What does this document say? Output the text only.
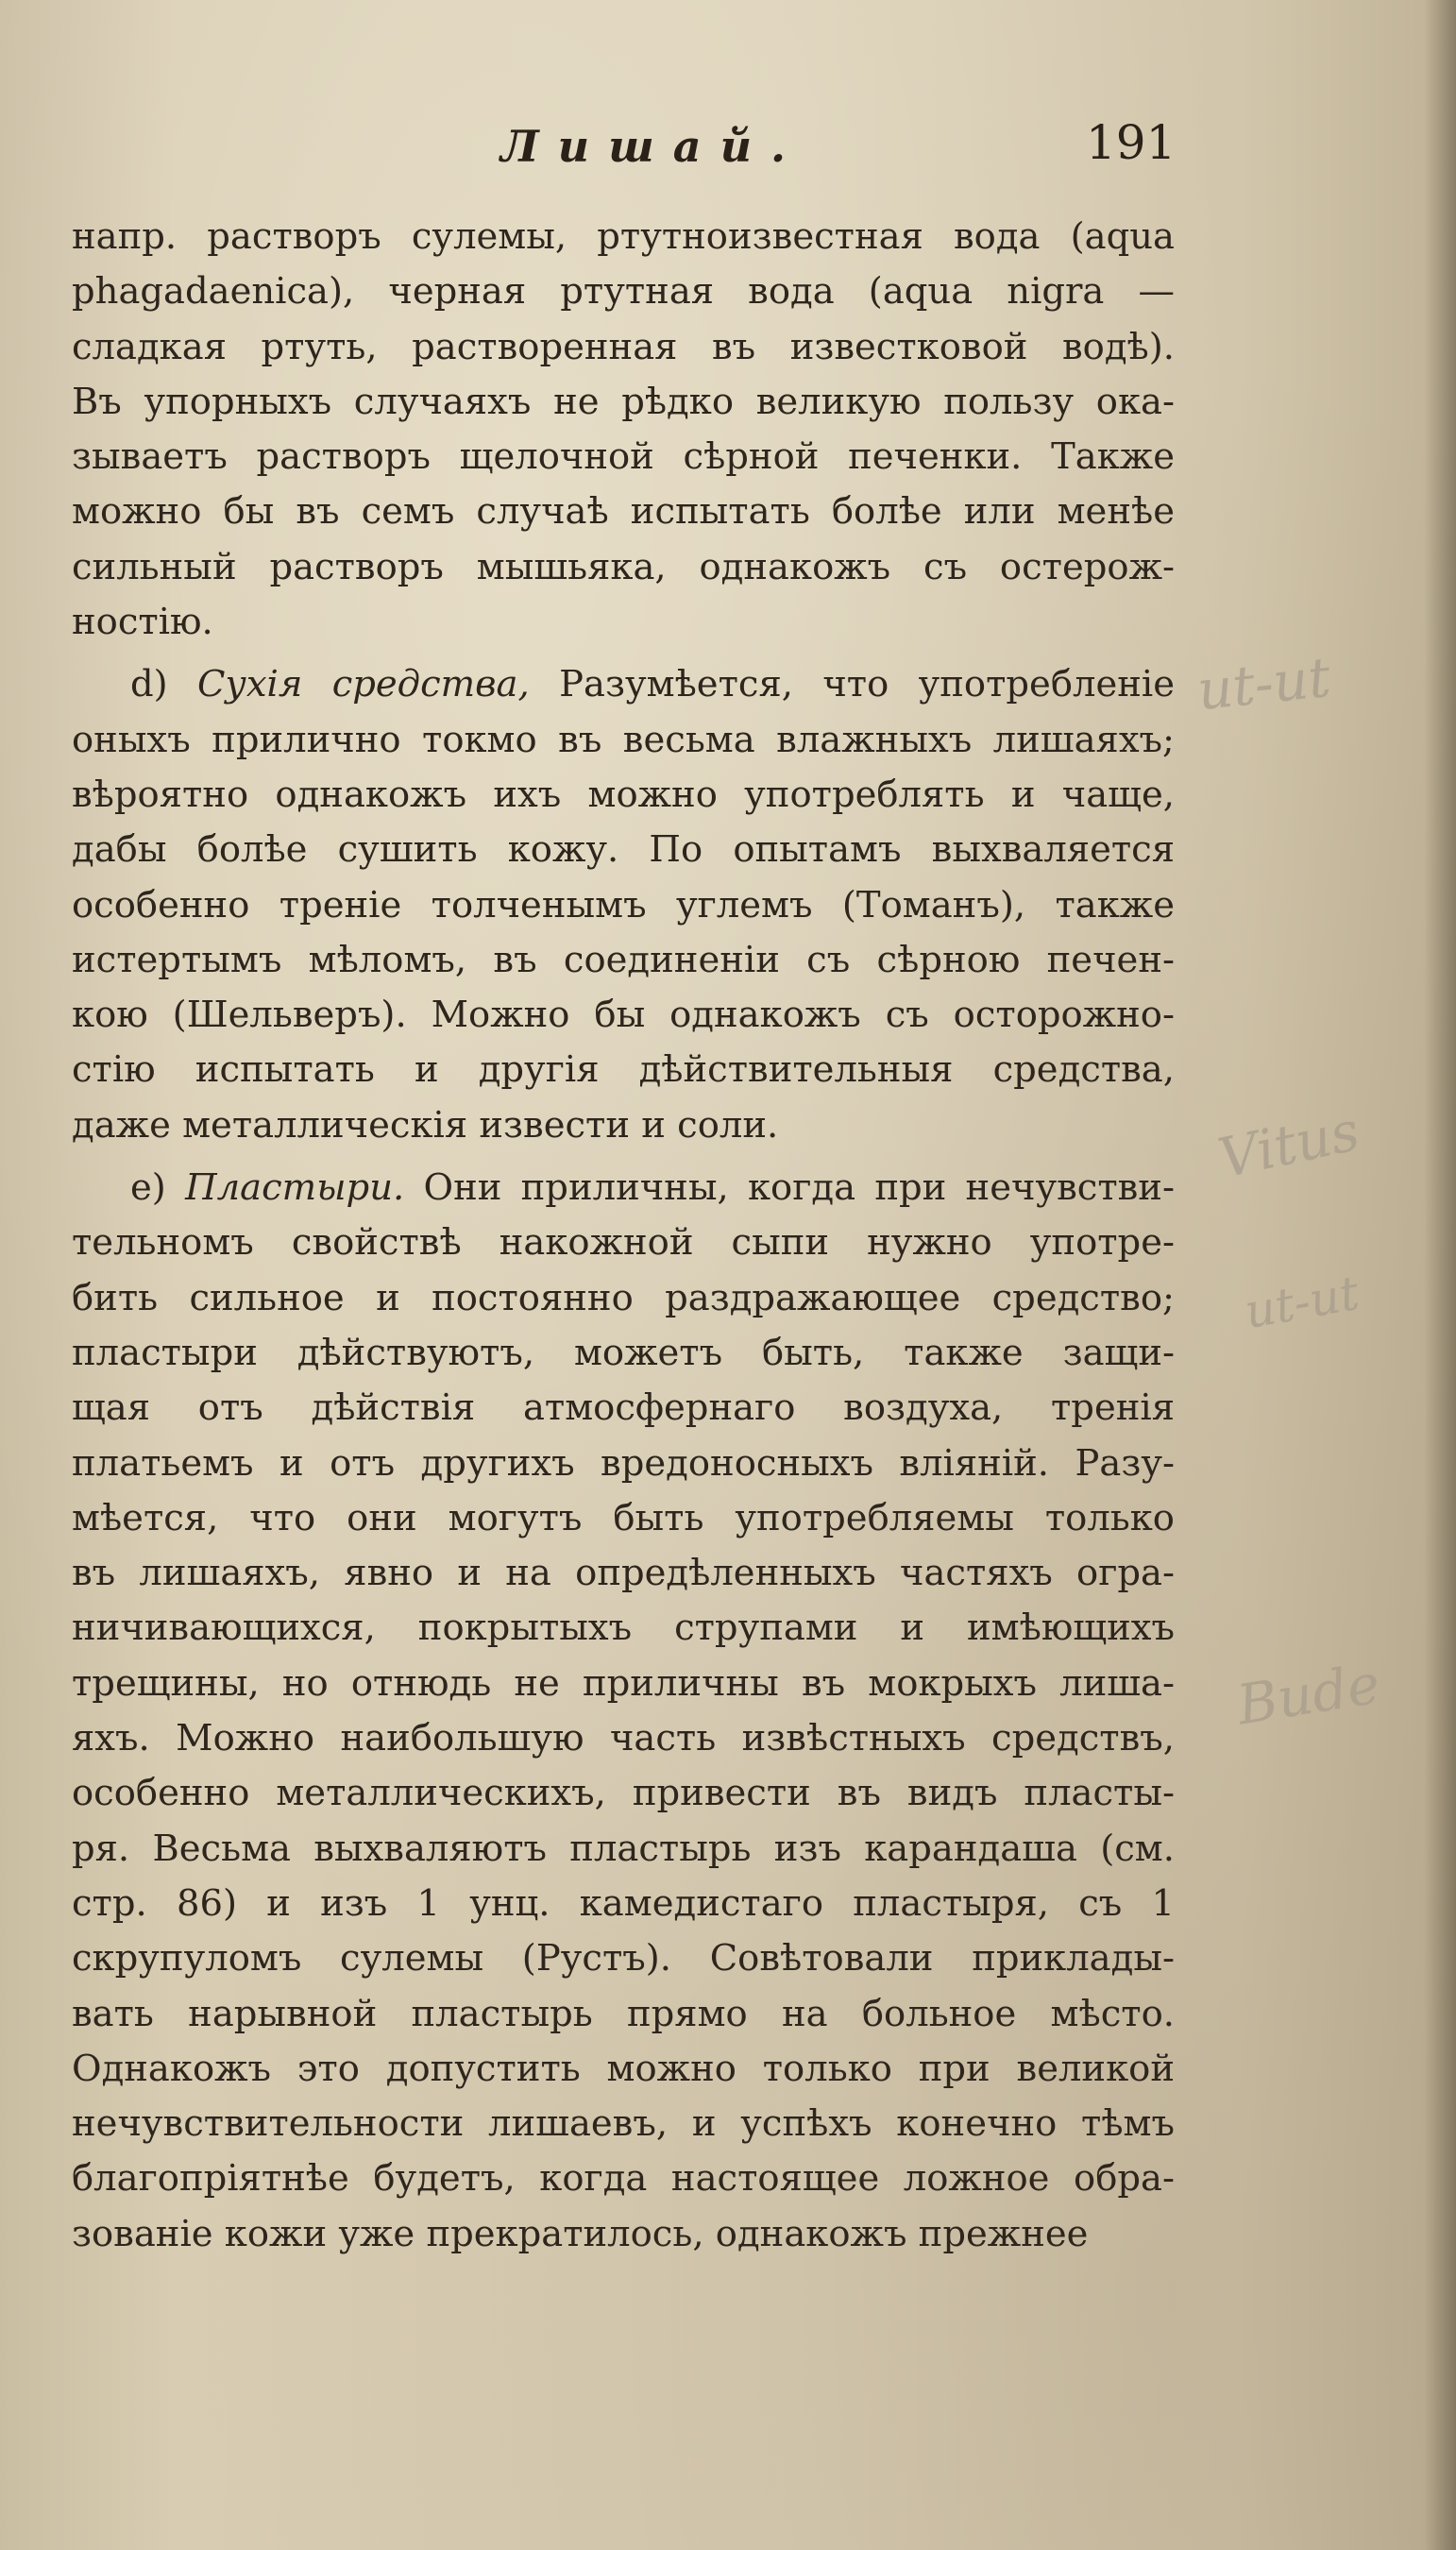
Лишай.	191
напр. растворъ сулемы, ртутноизвестная вода (aqua
phagadaenica), черная ртутная вода (aqua nigra —
сладкая ртуть, растворенная въ известковой водѣ).
Въ упорныхъ случаяхъ не рѣдко великую пользу ока-
зываетъ растворъ щелочной сѣрной печенки. Также
можно бы въ семъ случаѣ испытать болѣе или менѣе
сильный растворъ мышьяка, однакожъ съ остерож-
ностію.
d) Сухія средства, Разумѣется, что употребленіе
оныхъ прилично токмо въ весьма влажныхъ лишаяхъ;
вѣроятно однакожъ ихъ можно употреблять и чаще,
дабы болѣе сушить кожу. По опытамъ выхваляется
особенно треніе толченымъ углемъ (Томанъ), также
истертымъ мѣломъ, въ соединеніи съ сѣрною печен-
кою (Шельверъ). Можно бы однакожъ съ осторожно-
стію испытать и другія дѣйствительныя средства,
даже металлическія извести и соли.
e) Пластыри. Они приличны, когда при нечувстви-
тельномъ свойствѣ накожной сыпи нужно употре-
бить сильное и постоянно раздражающее средство;
пластыри дѣйствуютъ, можетъ быть, также защи-
щая отъ дѣйствія атмосфернаго воздуха, тренія
платьемъ и отъ другихъ вредоносныхъ вліяній. Разу-
мѣется, что они могутъ быть употребляемы только
въ лишаяхъ, явно и на опредѣленныхъ частяхъ огра-
ничивающихся, покрытыхъ струпами и имѣющихъ
трещины, но отнюдь не приличны въ мокрыхъ лиша-
яхъ. Можно наибольшую часть извѣстныхъ средствъ,
особенно металлическихъ, привести въ видъ пласты-
ря. Весьма выхваляютъ пластырь изъ карандаша (см.
стр. 86) и изъ 1 унц. камедистаго пластыря, съ 1
скрупуломъ сулемы (Рустъ). Совѣтовали приклады-
вать нарывной пластырь прямо на больное мѣсто.
Однакожъ это допустить можно только при великой
нечувствительности лишаевъ, и успѣхъ конечно тѣмъ
благопріятнѣе будетъ, когда настоящее ложное обра-
зованіе кожи уже прекратилось, однакожъ прежнее
ut-ut
Vitus
ut-ut
Bude
